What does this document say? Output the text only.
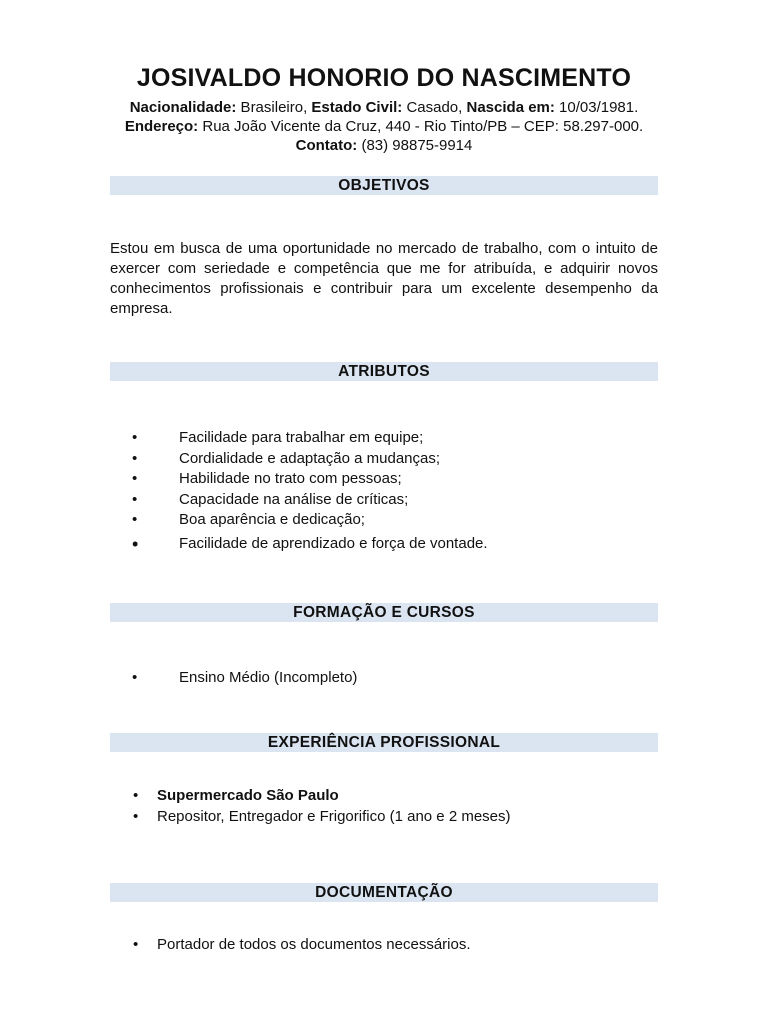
JOSIVALDO HONORIO DO NASCIMENTO
Nacionalidade: Brasileiro, Estado Civil: Casado, Nascida em: 10/03/1981.
Endereço: Rua João Vicente da Cruz, 440 - Rio Tinto/PB – CEP: 58.297-000.
Contato: (83) 98875-9914
OBJETIVOS
Estou em busca de uma oportunidade no mercado de trabalho, com o intuito de
exercer com seriedade e competência que me for atribuída, e adquirir novos
conhecimentos profissionais e contribuir para um excelente desempenho da
empresa.
ATRIBUTOS
•	Facilidade para trabalhar em equipe;
•	Cordialidade e adaptação a mudanças;
•	Habilidade no trato com pessoas;
•	Capacidade na análise de críticas;
•	Boa aparência e dedicação;
•	Facilidade de aprendizado e força de vontade.
FORMAÇÃO E CURSOS
•	Ensino Médio (Incompleto)
EXPERIÊNCIA PROFISSIONAL
• Supermercado São Paulo
• Repositor, Entregador e Frigorifico (1 ano e 2 meses)
DOCUMENTAÇÃO
• Portador de todos os documentos necessários.
